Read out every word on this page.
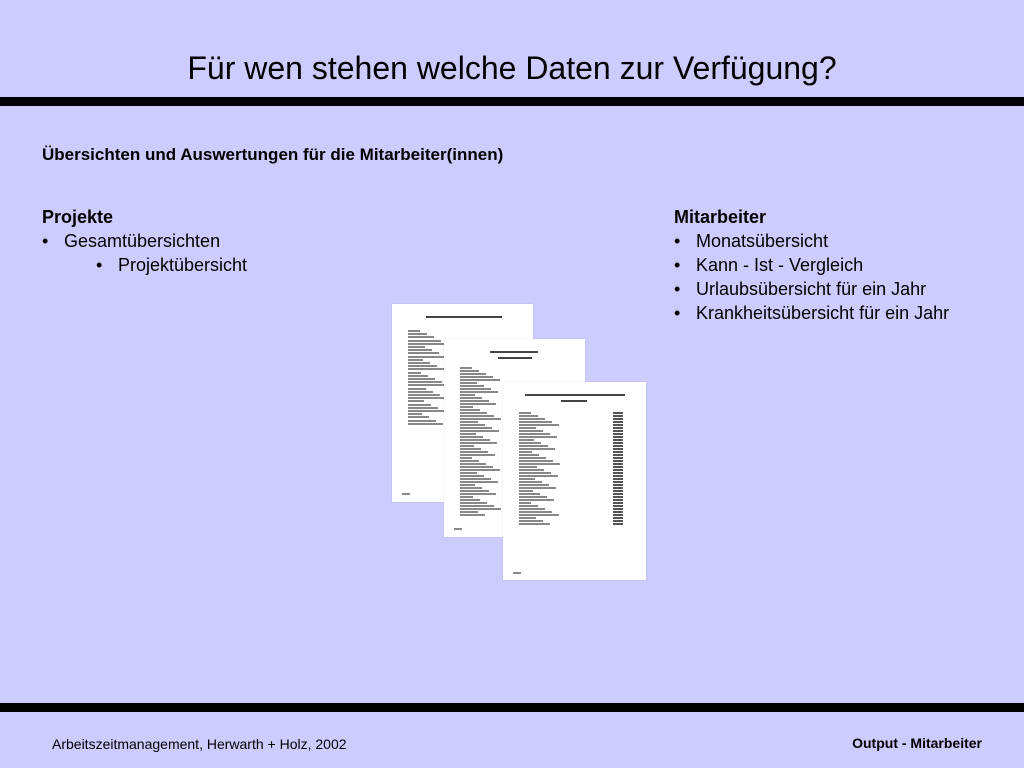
Für wen stehen welche Daten zur Verfügung?
Übersichten und Auswertungen für die Mitarbeiter(innen)
Projekte
• Gesamtübersichten
• Projektübersicht
Mitarbeiter
• Monatsübersicht
• Kann - Ist - Vergleich
• Urlaubsübersicht für ein Jahr
• Krankheitsübersicht für ein Jahr
Arbeitszeitmanagement, Herwarth + Holz, 2002	Output - Mitarbeiter
